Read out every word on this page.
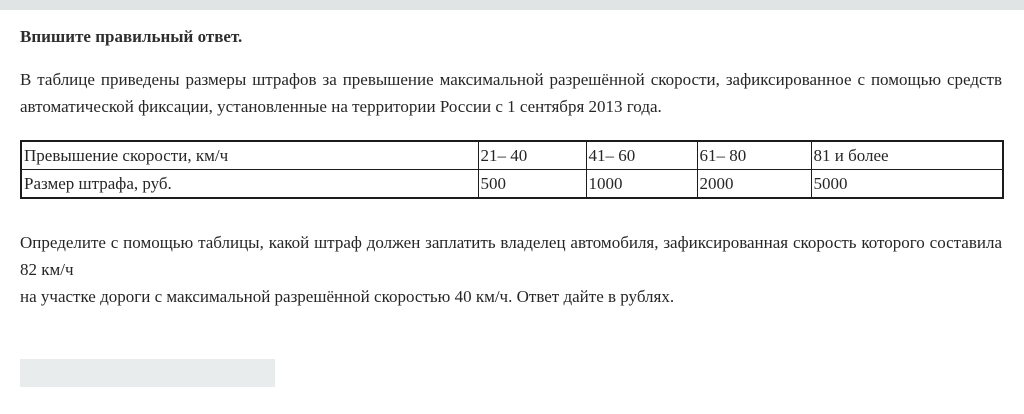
Впишите правильный ответ.

В таблице приведены размеры штрафов за превышение максимальной разрешённой скорости, зафиксированное с помощью средств автоматической фиксации, установленные на территории России с 1 сентября 2013 года.

Превышение скорости, км/ч	21– 40	41– 60	61– 80	81 и более
Размер штрафа, руб.	500	1000	2000	5000

Определите с помощью таблицы, какой штраф должен заплатить владелец автомобиля, зафиксированная скорость которого составила 82 км/ч
на участке дороги с максимальной разрешённой скоростью 40 км/ч. Ответ дайте в рублях.
